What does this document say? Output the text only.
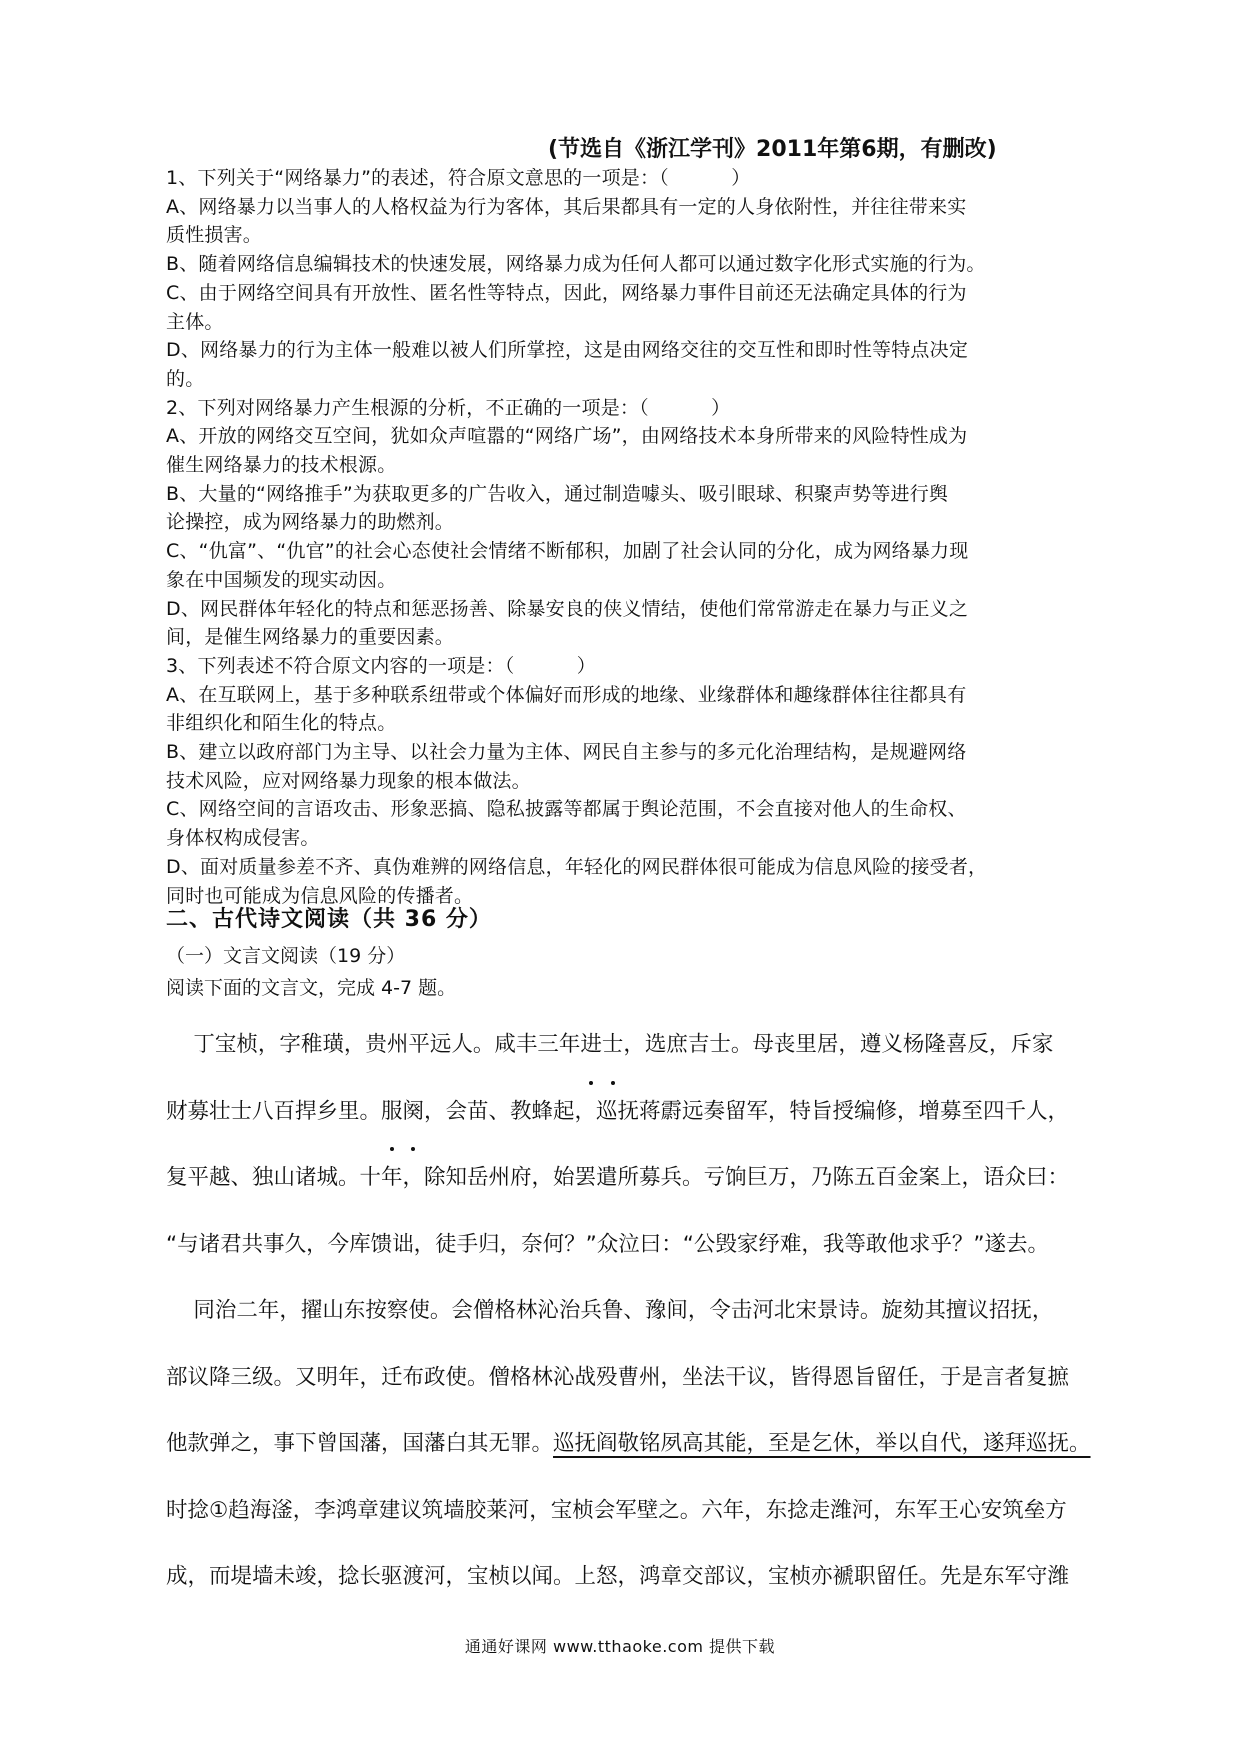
(节选自《浙江学刊》2011年第6期，有删改)
1、下列关于“网络暴力”的表述，符合原文意思的一项是：（          ）
A、网络暴力以当事人的人格权益为行为客体，其后果都具有一定的人身依附性，并往往带来实
质性损害。
B、随着网络信息编辑技术的快速发展，网络暴力成为任何人都可以通过数字化形式实施的行为。
C、由于网络空间具有开放性、匿名性等特点，因此，网络暴力事件目前还无法确定具体的行为
主体。
D、网络暴力的行为主体一般难以被人们所掌控，这是由网络交往的交互性和即时性等特点决定
的。
2、下列对网络暴力产生根源的分析，不正确的一项是：（          ）
A、开放的网络交互空间，犹如众声喧嚣的“网络广场”，由网络技术本身所带来的风险特性成为
催生网络暴力的技术根源。
B、大量的“网络推手”为获取更多的广告收入，通过制造噱头、吸引眼球、积聚声势等进行舆
论操控，成为网络暴力的助燃剂。
C、“仇富”、“仇官”的社会心态使社会情绪不断郁积，加剧了社会认同的分化，成为网络暴力现
象在中国频发的现实动因。
D、网民群体年轻化的特点和惩恶扬善、除暴安良的侠义情结，使他们常常游走在暴力与正义之
间，是催生网络暴力的重要因素。
3、下列表述不符合原文内容的一项是：（          ）
A、在互联网上，基于多种联系纽带或个体偏好而形成的地缘、业缘群体和趣缘群体往往都具有
非组织化和陌生化的特点。
B、建立以政府部门为主导、以社会力量为主体、网民自主参与的多元化治理结构，是规避网络
技术风险，应对网络暴力现象的根本做法。
C、网络空间的言语攻击、形象恶搞、隐私披露等都属于舆论范围，不会直接对他人的生命权、
身体权构成侵害。
D、面对质量参差不齐、真伪难辨的网络信息，年轻化的网民群体很可能成为信息风险的接受者，
同时也可能成为信息风险的传播者。
二、古代诗文阅读（共 36 分）
（一）文言文阅读（19 分）
阅读下面的文言文，完成 4-7 题。
丁宝桢，字稚璜，贵州平远人。咸丰三年进士，选庶吉士。母丧里居，遵义杨隆喜反，斥家
财募壮士八百捍乡里。服阕，会苗、教蜂起，巡抚蒋霨远奏留军，特旨授编修，增募至四千人，
复平越、独山诸城。十年，除知岳州府，始罢遣所募兵。亏饷巨万，乃陈五百金案上，语众曰：
“与诸君共事久，今库馈诎，徒手归，奈何？”众泣曰：“公毁家纾难，我等敢他求乎？”遂去。
同治二年，擢山东按察使。会僧格林沁治兵鲁、豫间，令击河北宋景诗。旋劾其擅议招抚，
部议降三级。又明年，迁布政使。僧格林沁战殁曹州，坐法干议，皆得恩旨留任，于是言者复摭
他款弹之，事下曾国藩，国藩白其无罪。巡抚阎敬铭夙高其能，至是乞休，举以自代，遂拜巡抚。
时捻①趋海滏，李鸿章建议筑墙胶莱河，宝桢会军壁之。六年，东捻走潍河，东军王心安筑垒方
成，而堤墙未竣，捻长驱渡河，宝桢以闻。上怒，鸿章交部议，宝桢亦褫职留任。先是东军守潍
通通好课网 www.tthaoke.com 提供下载
